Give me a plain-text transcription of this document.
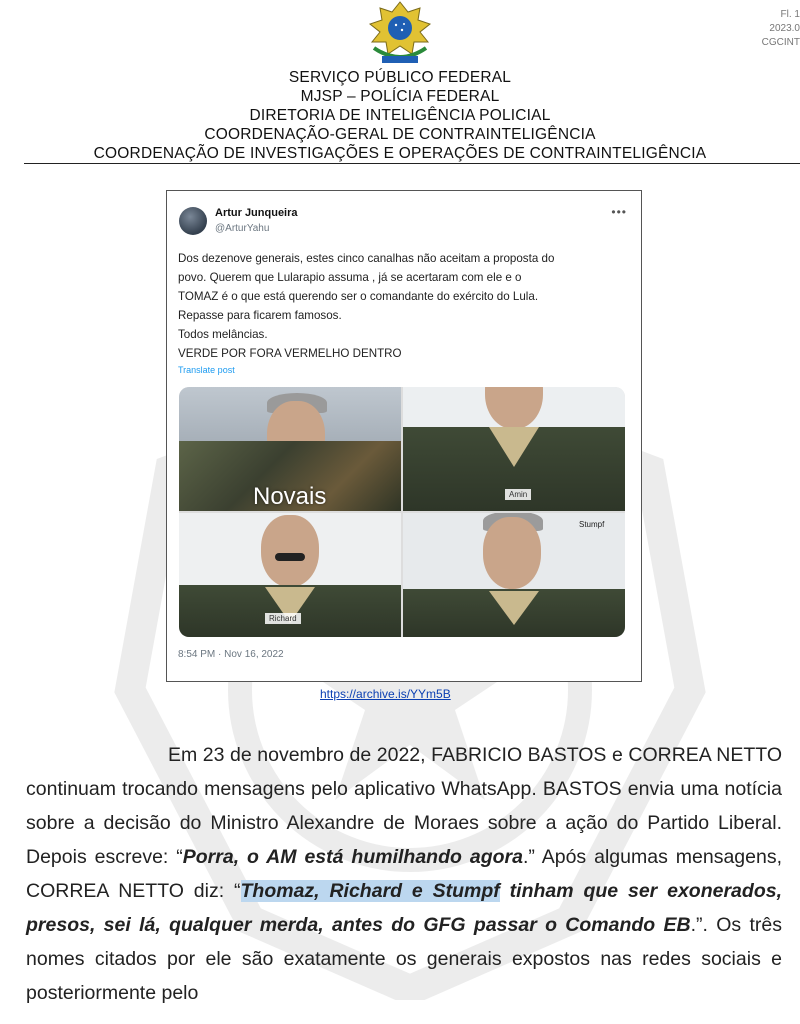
Fl. 1
2023.0
CGCINT
SERVIÇO PÚBLICO FEDERAL
MJSP – POLÍCIA FEDERAL
DIRETORIA DE INTELIGÊNCIA POLICIAL
COORDENAÇÃO-GERAL DE CONTRAINTELIGÊNCIA
COORDENAÇÃO DE INVESTIGAÇÕES E OPERAÇÕES DE CONTRAINTELIGÊNCIA
Artur Junqueira
@ArturYahu
•••
Dos dezenove generais, estes cinco canalhas não aceitam a proposta do
povo. Querem que Lularapio assuma , já se acertaram com ele e o
TOMAZ é o que está querendo ser o comandante do exército do Lula.
Repasse para ficarem famosos.
Todos melâncias.
VERDE POR FORA VERMELHO DENTRO
Translate post
Novais	Amin
Richard
Stumpf
8:54 PM · Nov 16, 2022
https://archive.is/YYm5B

Em 23 de novembro de 2022, FABRICIO BASTOS e CORREA NETTO continuam trocando mensagens pelo aplicativo WhatsApp. BASTOS envia uma notícia sobre a decisão do Ministro Alexandre de Moraes sobre a ação do Partido Liberal. Depois escreve: “Porra, o AM está humilhando agora.” Após algumas mensagens, CORREA NETTO diz: “Thomaz, Richard e Stumpf tinham que ser exonerados, presos, sei lá, qualquer merda, antes do GFG passar o Comando EB.”. Os três nomes citados por ele são exatamente os generais expostos nas redes sociais e posteriormente pelo
